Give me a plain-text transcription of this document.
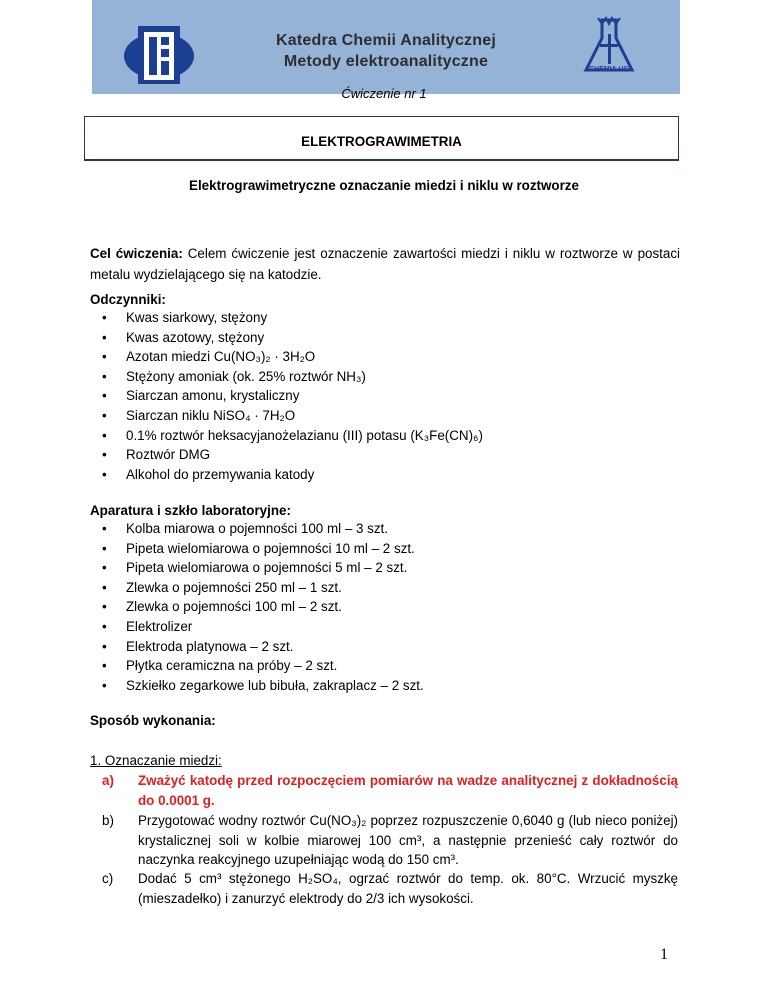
Katedra Chemii Analitycznej
Metody elektroanalityczne	CHEMIA UG
Ćwiczenie nr 1
ELEKTROGRAWIMETRIA
Elektrograwimetryczne oznaczanie miedzi i niklu w roztworze
Cel ćwiczenia: Celem ćwiczenie jest oznaczenie zawartości miedzi i niklu w roztworze w postaci metalu wydzielającego się na katodzie.
Odczynniki:
• Kwas siarkowy, stężony
• Kwas azotowy, stężony
• Azotan miedzi Cu(NO₃)₂ · 3H₂O
• Stężony amoniak (ok. 25% roztwór NH₃)
• Siarczan amonu, krystaliczny
• Siarczan niklu NiSO₄ · 7H₂O
• 0.1% roztwór heksacyjanożelazianu (III) potasu (K₃Fe(CN)₆)
• Roztwór DMG
• Alkohol do przemywania katody
Aparatura i szkło laboratoryjne:
• Kolba miarowa o pojemności 100 ml – 3 szt.
• Pipeta wielomiarowa o pojemności 10 ml – 2 szt.
• Pipeta wielomiarowa o pojemności 5 ml – 2 szt.
• Zlewka o pojemności 250 ml – 1 szt.
• Zlewka o pojemności 100 ml – 2 szt.
• Elektrolizer
• Elektroda platynowa – 2 szt.
• Płytka ceramiczna na próby – 2 szt.
• Szkiełko zegarkowe lub bibuła, zakraplacz – 2 szt.
Sposób wykonania:
1. Oznaczanie miedzi:
a) Zważyć katodę przed rozpoczęciem pomiarów na wadze analitycznej z dokładnością do 0.0001 g.
b) Przygotować wodny roztwór Cu(NO₃)₂ poprzez rozpuszczenie 0,6040 g (lub nieco poniżej) krystalicznej soli w kolbie miarowej 100 cm³, a następnie przenieść cały roztwór do naczynka reakcyjnego uzupełniając wodą do 150 cm³.
c) Dodać 5 cm³ stężonego H₂SO₄, ogrzać roztwór do temp. ok. 80°C. Wrzucić myszkę (mieszadełko) i zanurzyć elektrody do 2/3 ich wysokości.
1
